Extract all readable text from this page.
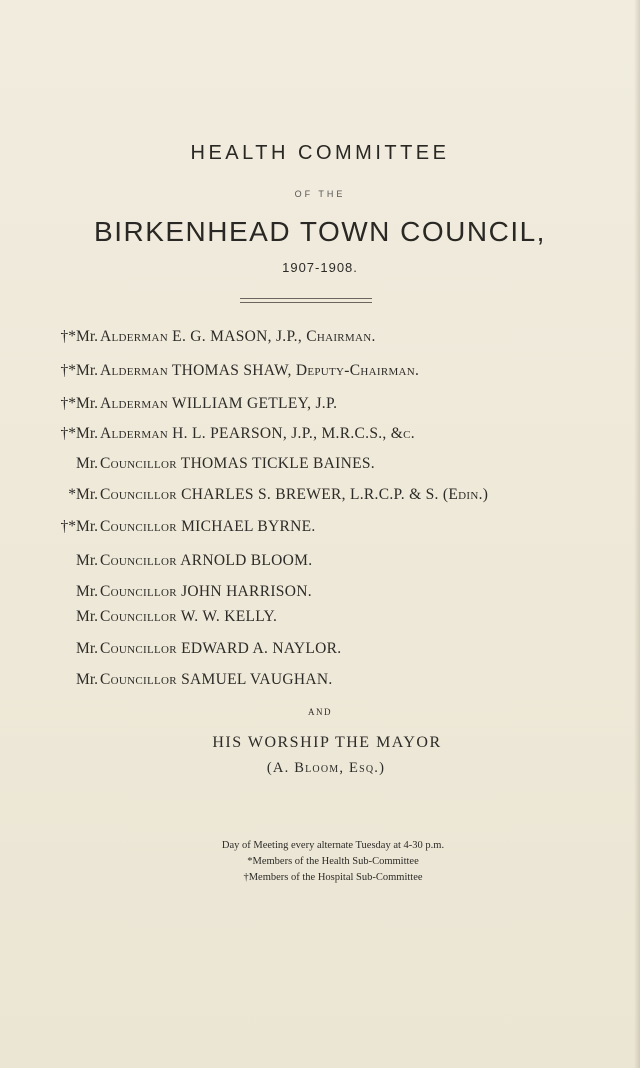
HEALTH COMMITTEE
OF THE
BIRKENHEAD TOWN COUNCIL,
1907-1908.
†*Mr. Alderman E. G. MASON, J.P., Chairman.
†*Mr. Alderman THOMAS SHAW, Deputy-Chairman.
†*Mr. Alderman WILLIAM GETLEY, J.P.
†*Mr. Alderman H. L. PEARSON, J.P., M.R.C.S., &c.
Mr. Councillor THOMAS TICKLE BAINES.
*Mr. Councillor CHARLES S. BREWER, L.R.C.P. & S. (Edin.)
†*Mr. Councillor MICHAEL BYRNE.
Mr. Councillor ARNOLD BLOOM.
Mr. Councillor JOHN HARRISON.
Mr. Councillor W. W. KELLY.
Mr. Councillor EDWARD A. NAYLOR.
Mr. Councillor SAMUEL VAUGHAN.
AND
HIS WORSHIP THE MAYOR
(A. Bloom, Esq.)
Day of Meeting every alternate Tuesday at 4-30 p.m.
*Members of the Health Sub-Committee
†Members of the Hospital Sub-Committee
